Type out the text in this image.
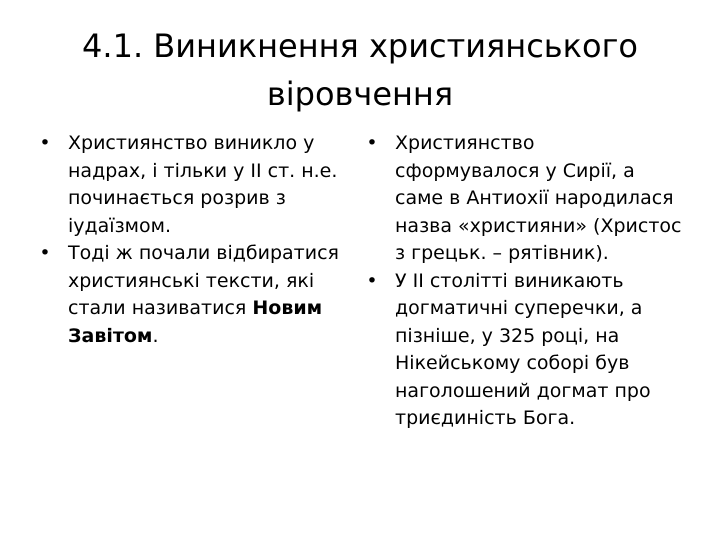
4.1. Виникнення християнського
віровчення
• Християнство виникло у надрах, і тільки у ІІ ст. н.е. починається розрив з іудаїзмом.
• Тоді ж почали відбиратися християнські тексти, які стали називатися Новим Завітом.
• Християнство сформувалося у Сирії, а саме в Антиохії народилася назва «християни» (Христос з грецьк. – рятівник).
• У ІІ столітті виникають догматичні суперечки, а пізніше, у 325 році, на Нікейському соборі був наголошений догмат про триєдиність Бога.
